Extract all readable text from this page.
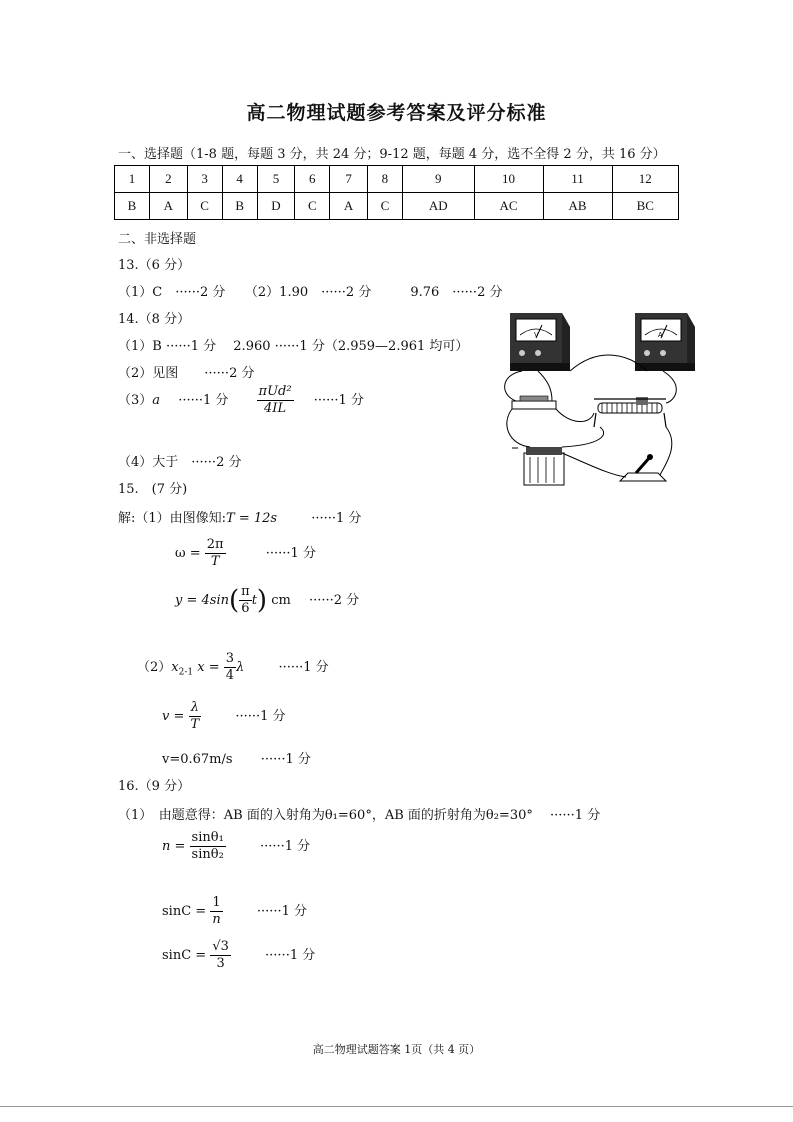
高二物理试题参考答案及评分标准
一、选择题（1-8 题，每题 3 分，共 24 分；9-12 题，每题 4 分，选不全得 2 分，共 16 分）
1	2	3	4	5	6	7	8	9	10	11	12
B	A	C	B	D	C	A	C	AD	AC	AB	BC
二、非选择题
13.（6 分）
（1）C　······2 分　　（2）1.90　······2 分　　　9.76　······2 分
14.（8 分）
（1）B ······1 分　 2.960 ······1 分（2.959—2.961 均可）
（2）见图　　······2 分
（3）a ······1 分 $\frac{\text{πUd²}}{4IL} \cdot\cdot\cdot\cdot\cdot\cdot 1$ 分
（4）大于　······2 分
V	A
15.　(7 分)
解:（1）由图像知:T = 12s	······1 分
$\omega = \frac{2\pi}{T}$	······1 分
$y = 4\sin( \frac{\pi}{6} t)$ cm ······2 分
$(2)x_{2-1}$ $x = \frac{3}{4}$ λ	······1 分
$v = \frac{\lambda}{T}$	······1 分
v=0.67m/s ······1 分
16.（9 分）
（1）　由题意得：AB 面的入射角为θ₁=60°，AB 面的折射角为θ₂=30°　 ······1 分
$n = \frac{\text{sinθ₁}}{\text{sinθ₂}}$	······1 分
$\sin C = \frac{1}{n}$	······1 分
$\sin C = \frac{√3}{3}$	······1 分
高二物理试题答案 1页（共 4 页）
